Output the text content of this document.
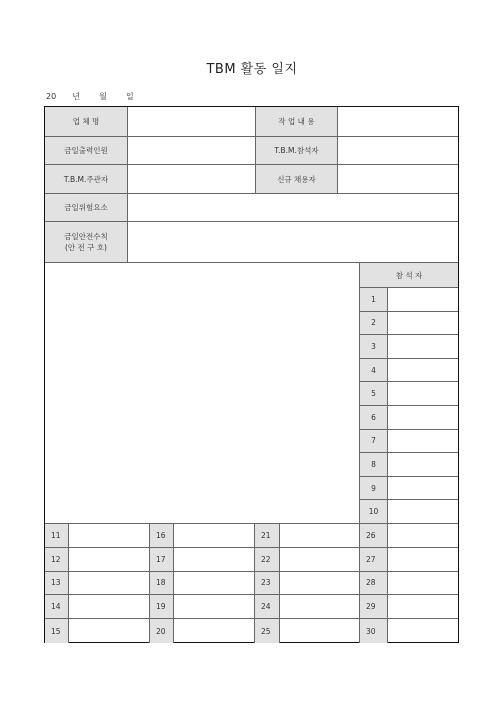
TBM 활동 일지
20 년 월 일
업 체 명	작 업 내 용
금일출력인원	T.B.M.참석자
T.B.M.주관자	신규 채용자
금일위험요소
금일안전수칙
(안 전 구 호)
참 석 자
1
2
3
4
5
6
7
8
9
10
11	16	21	26
12	17	22	27
13	18	23	28
14	19	24	29
15	20	25	30
